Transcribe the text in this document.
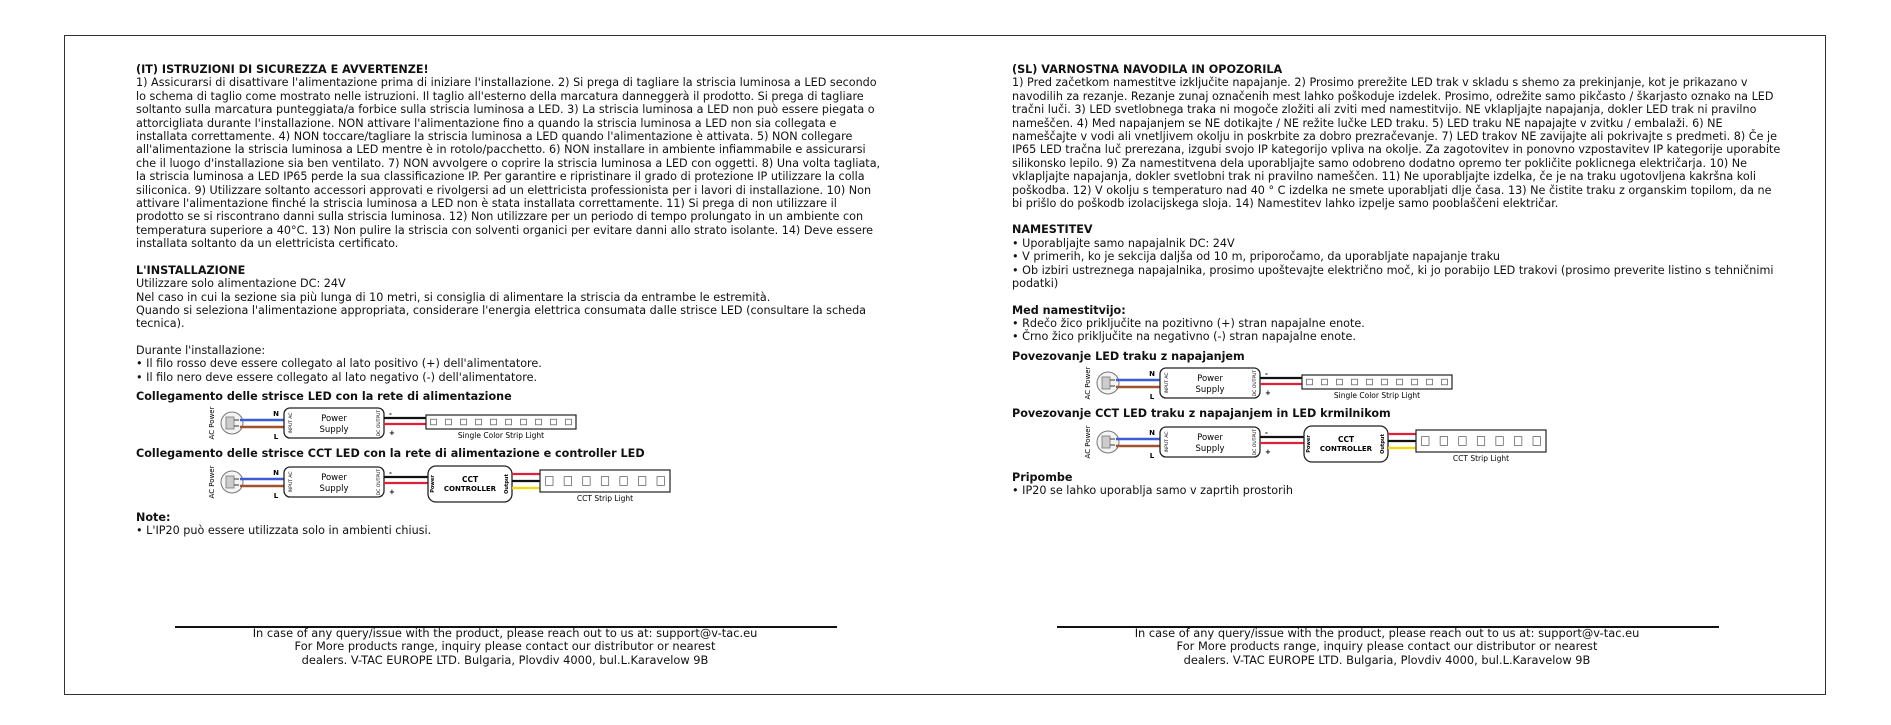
(IT) ISTRUZIONI DI SICUREZZA E AVVERTENZE!

1) Assicurarsi di disattivare l'alimentazione prima di iniziare l'installazione. 2) Si prega di tagliare la striscia luminosa a LED secondo lo schema di taglio come mostrato nelle istruzioni. Il taglio all'esterno della marcatura danneggerà il prodotto. Si prega di tagliare soltanto sulla marcatura punteggiata/a forbice sulla striscia luminosa a LED. 3) La striscia luminosa a LED non può essere piegata o attorcigliata durante l'installazione. NON attivare l'alimentazione fino a quando la striscia luminosa a LED non sia collegata e installata correttamente. 4) NON toccare/tagliare la striscia luminosa a LED quando l'alimentazione è attivata. 5) NON collegare all'alimentazione la striscia luminosa a LED mentre è in rotolo/pacchetto. 6) NON installare in ambiente infiammabile e assicurarsi che il luogo d'installazione sia ben ventilato. 7) NON avvolgere o coprire la striscia luminosa a LED con oggetti. 8) Una volta tagliata, la striscia luminosa a LED IP65 perde la sua classificazione IP. Per garantire e ripristinare il grado di protezione IP utilizzare la colla siliconica. 9) Utilizzare soltanto accessori approvati e rivolgersi ad un elettricista professionista per i lavori di installazione. 10) Non attivare l'alimentazione finché la striscia luminosa a LED non è stata installata correttamente. 11) Si prega di non utilizzare il prodotto se si riscontrano danni sulla striscia luminosa. 12) Non utilizzare per un periodo di tempo prolungato in un ambiente con temperatura superiore a 40°C. 13) Non pulire la striscia con solventi organici per evitare danni allo strato isolante. 14) Deve essere installata soltanto da un elettricista certificato.

L'INSTALLAZIONE

Utilizzare solo alimentazione DC: 24V

Nel caso in cui la sezione sia più lunga di 10 metri, si consiglia di alimentare la striscia da entrambe le estremità.

Quando si seleziona l'alimentazione appropriata, considerare l'energia elettrica consumata dalle strisce LED (consultare la scheda tecnica).

Durante l'installazione:

• Il filo rosso deve essere collegato al lato positivo (+) dell'alimentatore.

• Il filo nero deve essere collegato al lato negativo (-) dell'alimentatore.

Collegamento delle strisce LED con la rete di alimentazione

AC Power	N
L
Power
Supply
INPUT AC	DC OUTPUT -
+	Single Color Strip Light

Collegamento delle strisce CCT LED con la rete di alimentazione e controller LED

AC Power	N
L
Power
Supply
INPUT AC	DC OUTPUT -
+
CCT
CONTROLLER
Power	Output
CCT Strip Light

Note:

• L'IP20 può essere utilizzata solo in ambienti chiusi.

(SL) VARNOSTNA NAVODILA IN OPOZORILA

1) Pred začetkom namestitve izključite napajanje. 2) Prosimo prerežite LED trak v skladu s shemo za prekinjanje, kot je prikazano v navodilih za rezanje. Rezanje zunaj označenih mest lahko poškoduje izdelek. Prosimo, odrežite samo pikčasto / škarjasto oznako na LED tračni luči. 3) LED svetlobnega traka ni mogoče zložiti ali zviti med namestitvijo. NE vklapljajte napajanja, dokler LED trak ni pravilno nameščen. 4) Med napajanjem se NE dotikajte / NE režite lučke LED traku. 5) LED traku NE napajajte v zvitku / embalaži. 6) NE nameščajte v vodi ali vnetljivem okolju in poskrbite za dobro prezračevanje. 7) LED trakov NE zavijajte ali pokrivajte s predmeti. 8) Če je IP65 LED tračna luč prerezana, izgubi svojo IP kategorijo vpliva na okolje. Za zagotovitev in ponovno vzpostavitev IP kategorije uporabite silikonsko lepilo. 9) Za namestitvena dela uporabljajte samo odobreno dodatno opremo ter pokličite poklicnega električarja. 10) Ne vklapljajte napajanja, dokler svetlobni trak ni pravilno nameščen. 11) Ne uporabljajte izdelka, če je na traku ugotovljena kakršna koli poškodba. 12) V okolju s temperaturo nad 40 ° C izdelka ne smete uporabljati dlje časa. 13) Ne čistite traku z organskim topilom, da ne bi prišlo do poškodb izolacijskega sloja. 14) Namestitev lahko izpelje samo pooblaščeni električar.

NAMESTITEV

• Uporabljajte samo napajalnik DC: 24V

• V primerih, ko je sekcija daljša od 10 m, priporočamo, da uporabljate napajanje traku

• Ob izbiri ustreznega napajalnika, prosimo upoštevajte električno moč, ki jo porabijo LED trakovi (prosimo preverite listino s tehničnimi podatki)

Med namestitvijo:

• Rdečo žico priključite na pozitivno (+) stran napajalne enote.

• Črno žico priključite na negativno (-) stran napajalne enote.

Povezovanje LED traku z napajanjem

AC Power	N
L
Power
Supply
INPUT AC	DC OUTPUT -
+	Single Color Strip Light

Povezovanje CCT LED traku z napajanjem in LED krmilnikom

AC Power	N
L
Power
Supply
INPUT AC	DC OUTPUT -
+
CCT
CONTROLLER
Power	Output
CCT Strip Light

Pripombe

• IP20 se lahko uporablja samo v zaprtih prostorih

In case of any query/issue with the product, please reach out to us at: support@v-tac.eu
For More products range, inquiry please contact our distributor or nearest
dealers. V-TAC EUROPE LTD. Bulgaria, Plovdiv 4000, bul.L.Karavelow 9B
In case of any query/issue with the product, please reach out to us at: support@v-tac.eu
For More products range, inquiry please contact our distributor or nearest
dealers. V-TAC EUROPE LTD. Bulgaria, Plovdiv 4000, bul.L.Karavelow 9B
